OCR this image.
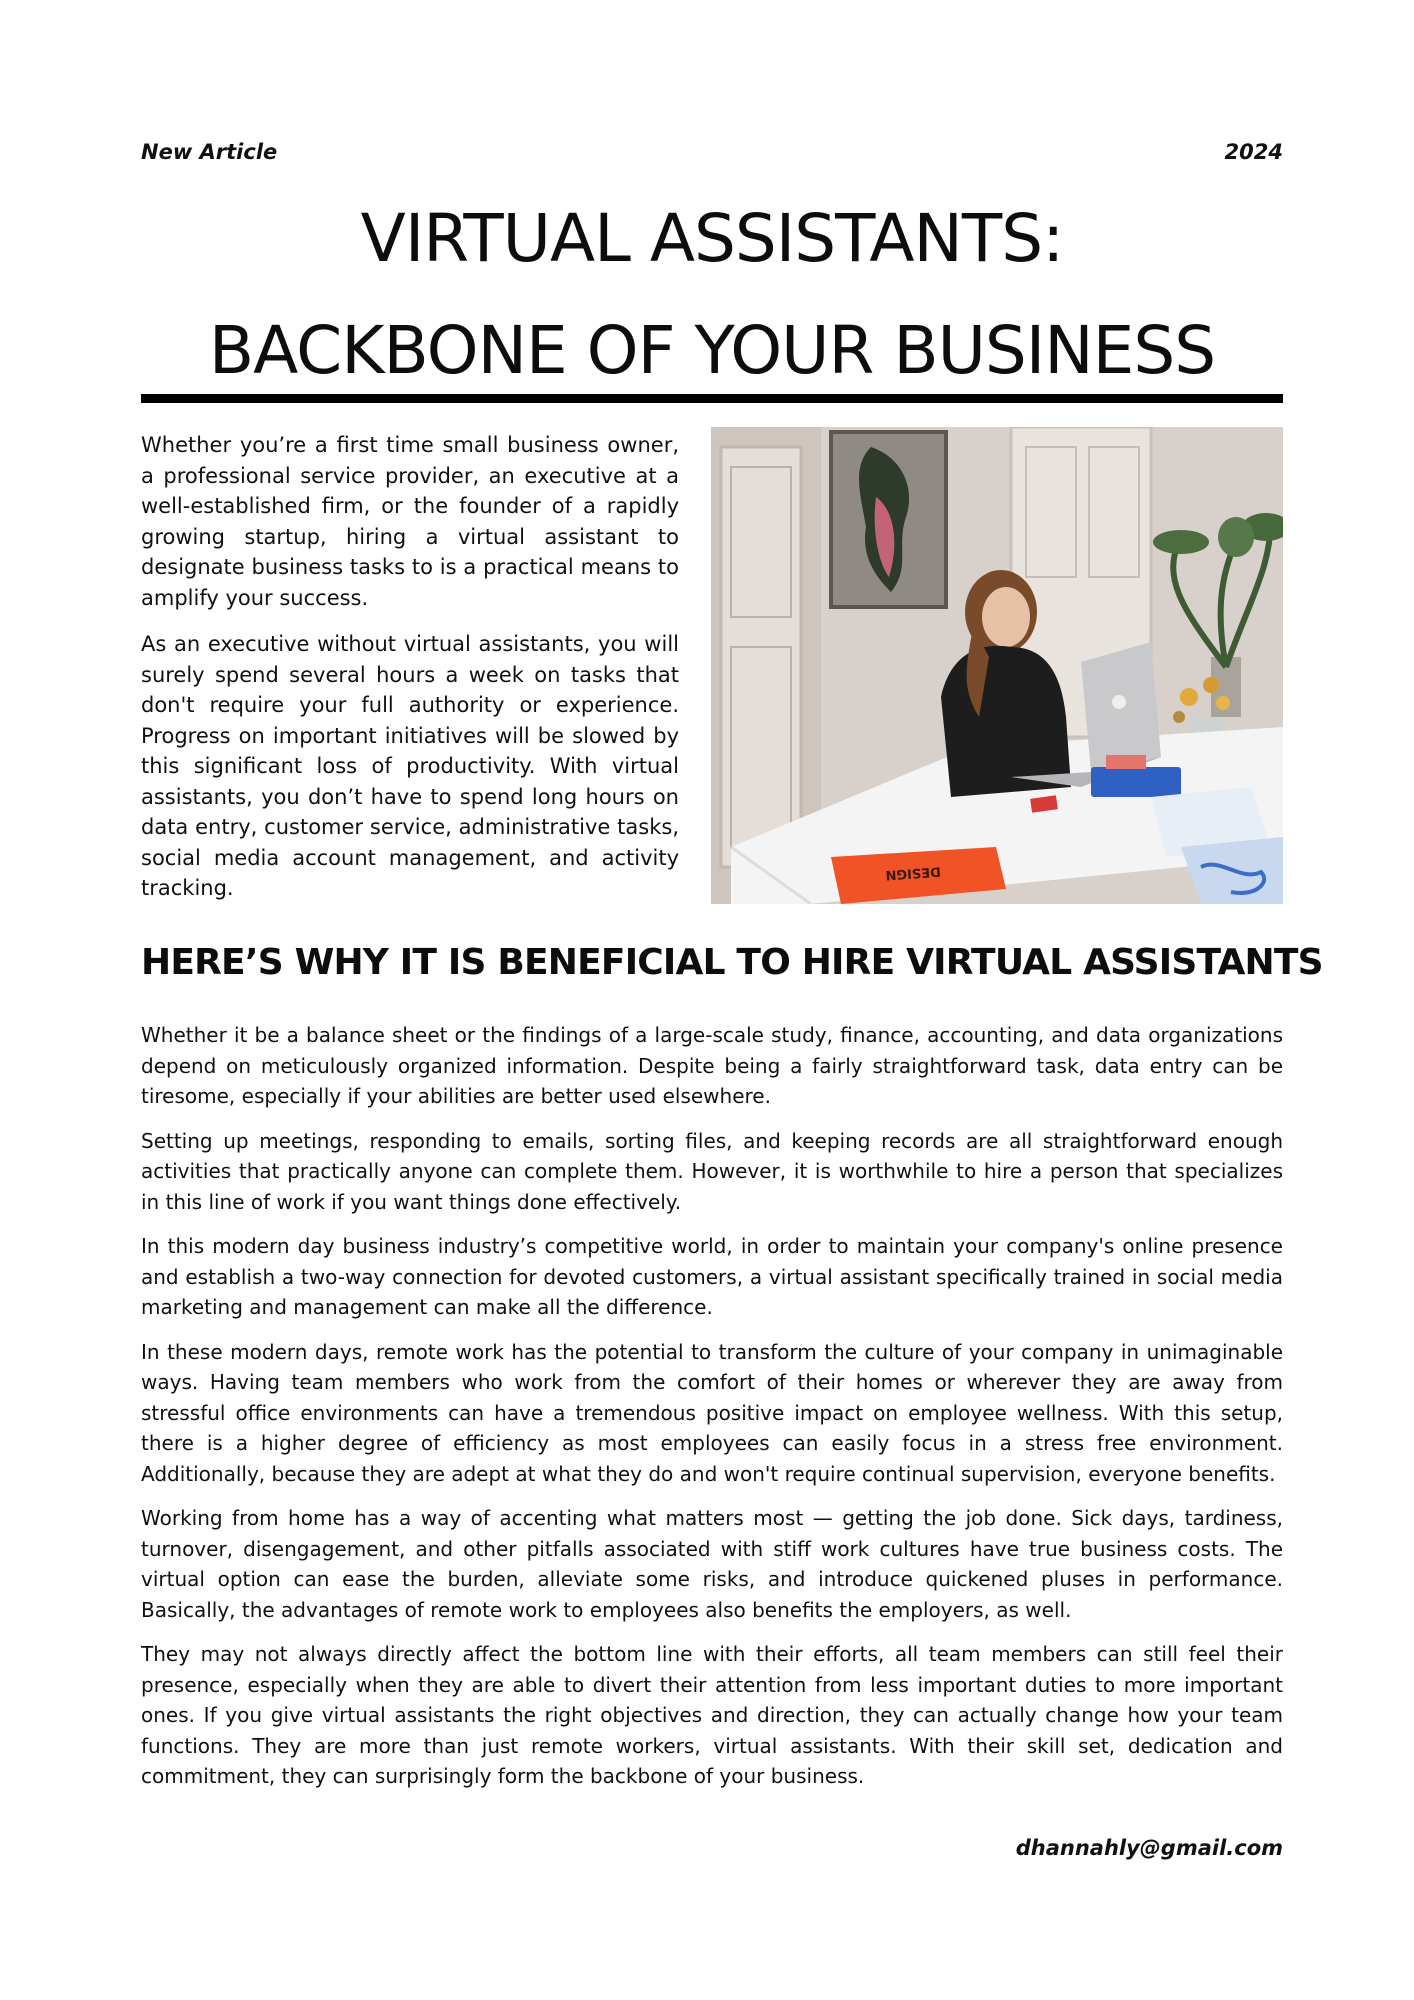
New Article	2024
VIRTUAL ASSISTANTS:
BACKBONE OF YOUR BUSINESS

Whether you’re a first time small business owner, a professional service provider, an executive at a well-established firm, or the founder of a rapidly growing startup, hiring a virtual assistant to designate business tasks to is a practical means to amplify your success.

As an executive without virtual assistants, you will surely spend several hours a week on tasks that don't require your full authority or experience. Progress on important initiatives will be slowed by this significant loss of productivity. With virtual assistants, you don’t have to spend long hours on data entry, customer service, administrative tasks, social media account management, and activity tracking.

DESIGN
HERE’S WHY IT IS BENEFICIAL TO HIRE VIRTUAL ASSISTANTS

Whether it be a balance sheet or the findings of a large-scale study, finance, accounting, and data organizations depend on meticulously organized information. Despite being a fairly straightforward task, data entry can be tiresome, especially if your abilities are better used elsewhere.

Setting up meetings, responding to emails, sorting files, and keeping records are all straightforward enough activities that practically anyone can complete them. However, it is worthwhile to hire a person that specializes in this line of work if you want things done effectively.

In this modern day business industry’s competitive world, in order to maintain your company's online presence and establish a two-way connection for devoted customers, a virtual assistant specifically trained in social media marketing and management can make all the difference.

In these modern days, remote work has the potential to transform the culture of your company in unimaginable ways. Having team members who work from the comfort of their homes or wherever they are away from stressful office environments can have a tremendous positive impact on employee wellness. With this setup, there is a higher degree of efficiency as most employees can easily focus in a stress free environment. Additionally, because they are adept at what they do and won't require continual supervision, everyone benefits.

Working from home has a way of accenting what matters most — getting the job done. Sick days, tardiness, turnover, disengagement, and other pitfalls associated with stiff work cultures have true business costs. The virtual option can ease the burden, alleviate some risks, and introduce quickened pluses in performance. Basically, the advantages of remote work to employees also benefits the employers, as well.

They may not always directly affect the bottom line with their efforts, all team members can still feel their presence, especially when they are able to divert their attention from less important duties to more important ones. If you give virtual assistants the right objectives and direction, they can actually change how your team functions. They are more than just remote workers, virtual assistants. With their skill set, dedication and commitment, they can surprisingly form the backbone of your business.

dhannahly@gmail.com
